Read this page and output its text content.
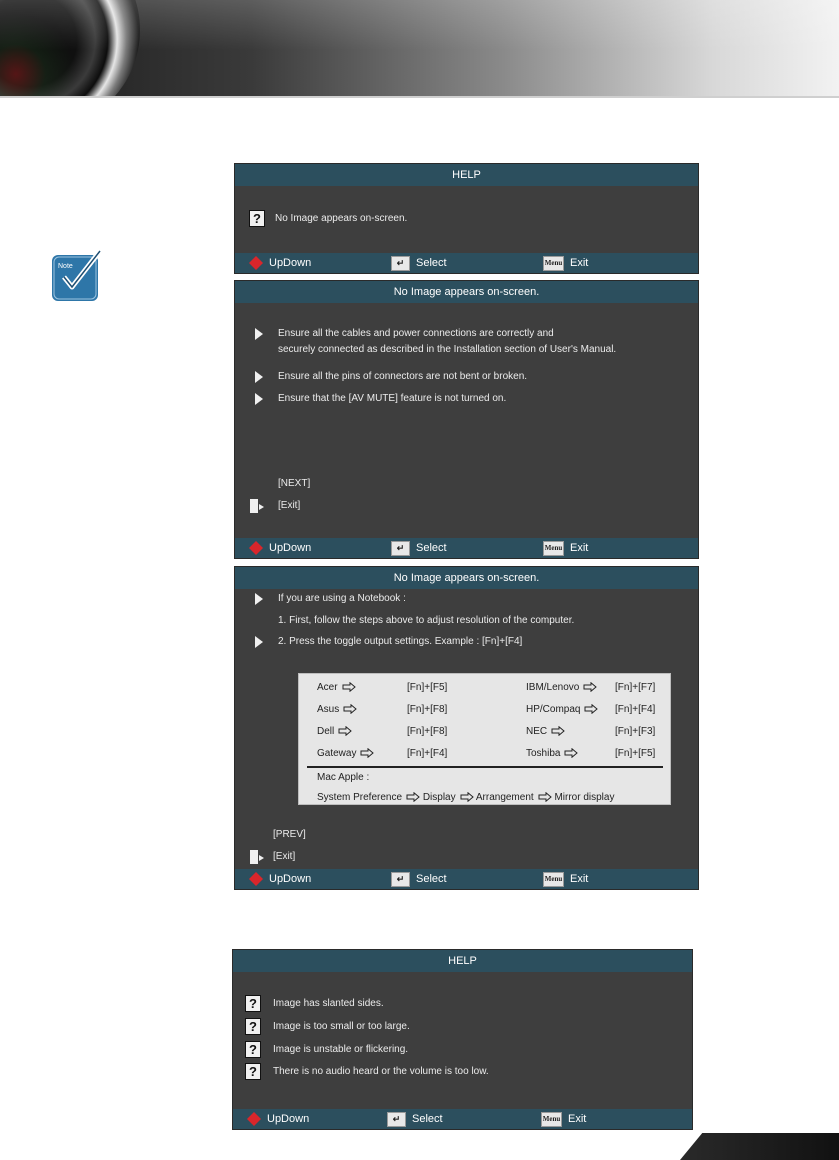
Note
HELP
?	No Image appears on-screen.
UpDown	↵	Select	Menu Exit
No Image appears on-screen.
Ensure all the cables and power connections are correctly and
securely connected as described in the Installation section of User's Manual.
Ensure all the pins of connectors are not bent or broken.
Ensure that the [AV MUTE] feature is not turned on.
[NEXT]
[Exit]
UpDown	↵	Select	Menu Exit
No Image appears on-screen.
If you are using a Notebook :
1. First, follow the steps above to adjust resolution of the computer.
2. Press the toggle output settings. Example : [Fn]+[F4]
Acer	[Fn]+[F5]	IBM/Lenovo	[Fn]+[F7]
Asus	[Fn]+[F8]	HP/Compaq	[Fn]+[F4]
Dell	[Fn]+[F8]	NEC	[Fn]+[F3]
Gateway	[Fn]+[F4]	Toshiba	[Fn]+[F5]
Mac Apple :
System Preference Display Arrangement Mirror display
[PREV]
[Exit]
UpDown	↵	Select	Menu Exit
HELP
?	Image has slanted sides.
?	Image is too small or too large.
?	Image is unstable or flickering.
?	There is no audio heard or the volume is too low.
UpDown	↵	Select	Menu Exit
